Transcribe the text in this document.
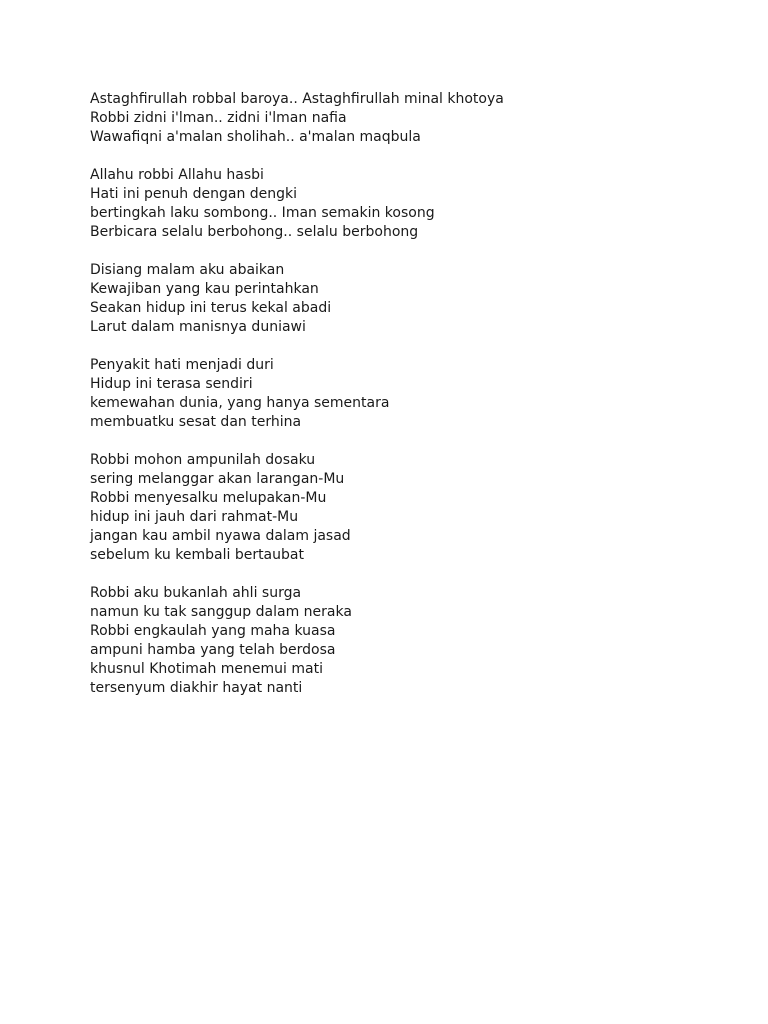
Astaghfirullah robbal baroya.. Astaghfirullah minal khotoya
Robbi zidni i'lman.. zidni i'lman nafia
Wawafiqni a'malan sholihah.. a'malan maqbula
Allahu robbi Allahu hasbi
Hati ini penuh dengan dengki
bertingkah laku sombong.. Iman semakin kosong
Berbicara selalu berbohong.. selalu berbohong
Disiang malam aku abaikan
Kewajiban yang kau perintahkan
Seakan hidup ini terus kekal abadi
Larut dalam manisnya duniawi
Penyakit hati menjadi duri
Hidup ini terasa sendiri
kemewahan dunia, yang hanya sementara
membuatku sesat dan terhina
Robbi mohon ampunilah dosaku
sering melanggar akan larangan-Mu
Robbi menyesalku melupakan-Mu
hidup ini jauh dari rahmat-Mu
jangan kau ambil nyawa dalam jasad
sebelum ku kembali bertaubat
Robbi aku bukanlah ahli surga
namun ku tak sanggup dalam neraka
Robbi engkaulah yang maha kuasa
ampuni hamba yang telah berdosa
khusnul Khotimah menemui mati
tersenyum diakhir hayat nanti
